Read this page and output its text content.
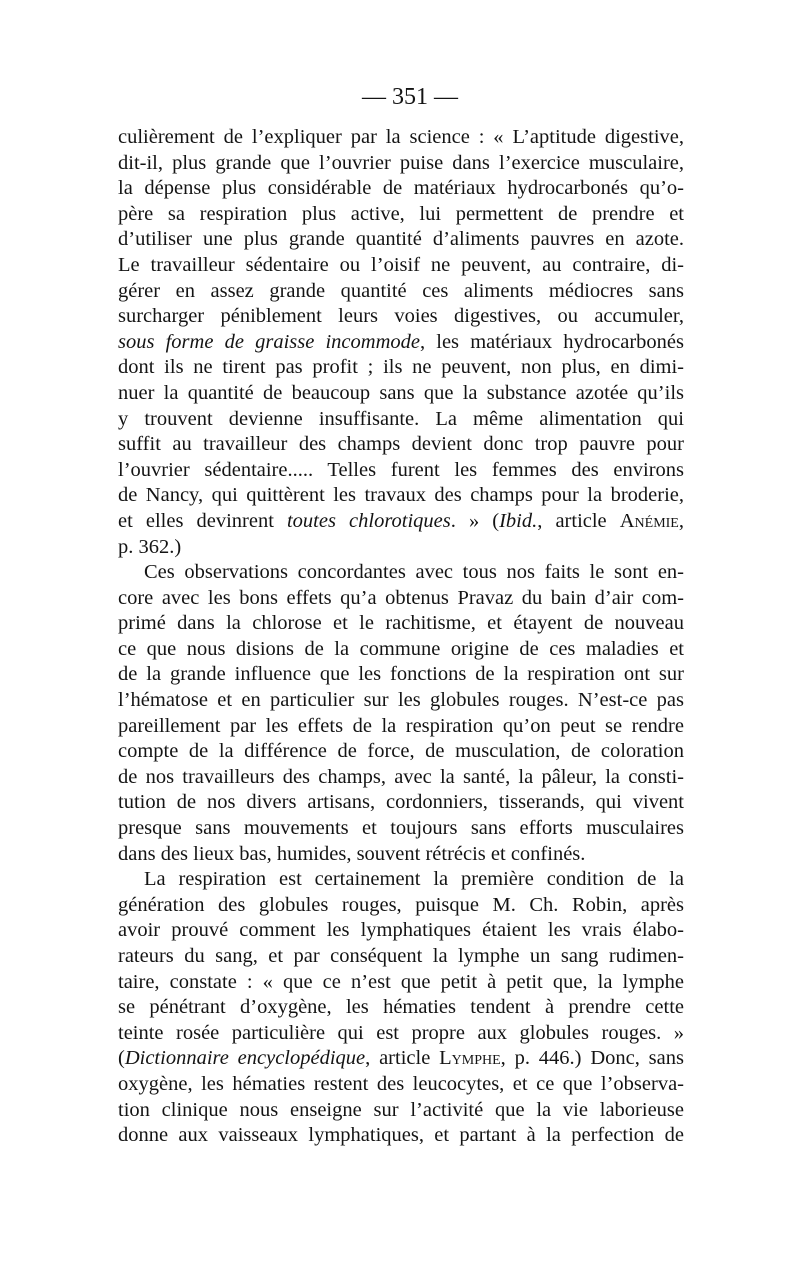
— 351 —
culièrement de l’expliquer par la science : « L’aptitude digestive,
dit-il, plus grande que l’ouvrier puise dans l’exercice musculaire,
la dépense plus considérable de matériaux hydrocarbonés qu’o-
père sa respiration plus active, lui permettent de prendre et
d’utiliser une plus grande quantité d’aliments pauvres en azote.
Le travailleur sédentaire ou l’oisif ne peuvent, au contraire, di-
gérer en assez grande quantité ces aliments médiocres sans
surcharger péniblement leurs voies digestives, ou accumuler,
sous forme de graisse incommode, les matériaux hydrocarbonés
dont ils ne tirent pas profit ; ils ne peuvent, non plus, en dimi-
nuer la quantité de beaucoup sans que la substance azotée qu’ils
y trouvent devienne insuffisante. La même alimentation qui
suffit au travailleur des champs devient donc trop pauvre pour
l’ouvrier sédentaire..... Telles furent les femmes des environs
de Nancy, qui quittèrent les travaux des champs pour la broderie,
et elles devinrent toutes chlorotiques. » (Ibid., article Anémie,
p. 362.)
Ces observations concordantes avec tous nos faits le sont en-
core avec les bons effets qu’a obtenus Pravaz du bain d’air com-
primé dans la chlorose et le rachitisme, et étayent de nouveau
ce que nous disions de la commune origine de ces maladies et
de la grande influence que les fonctions de la respiration ont sur
l’hématose et en particulier sur les globules rouges. N’est-ce pas
pareillement par les effets de la respiration qu’on peut se rendre
compte de la différence de force, de musculation, de coloration
de nos travailleurs des champs, avec la santé, la pâleur, la consti-
tution de nos divers artisans, cordonniers, tisserands, qui vivent
presque sans mouvements et toujours sans efforts musculaires
dans des lieux bas, humides, souvent rétrécis et confinés.
La respiration est certainement la première condition de la
génération des globules rouges, puisque M. Ch. Robin, après
avoir prouvé comment les lymphatiques étaient les vrais élabo-
rateurs du sang, et par conséquent la lymphe un sang rudimen-
taire, constate : « que ce n’est que petit à petit que, la lymphe
se pénétrant d’oxygène, les hématies tendent à prendre cette
teinte rosée particulière qui est propre aux globules rouges. »
(Dictionnaire encyclopédique, article Lymphe, p. 446.) Donc, sans
oxygène, les hématies restent des leucocytes, et ce que l’observa-
tion clinique nous enseigne sur l’activité que la vie laborieuse
donne aux vaisseaux lymphatiques, et partant à la perfection de
